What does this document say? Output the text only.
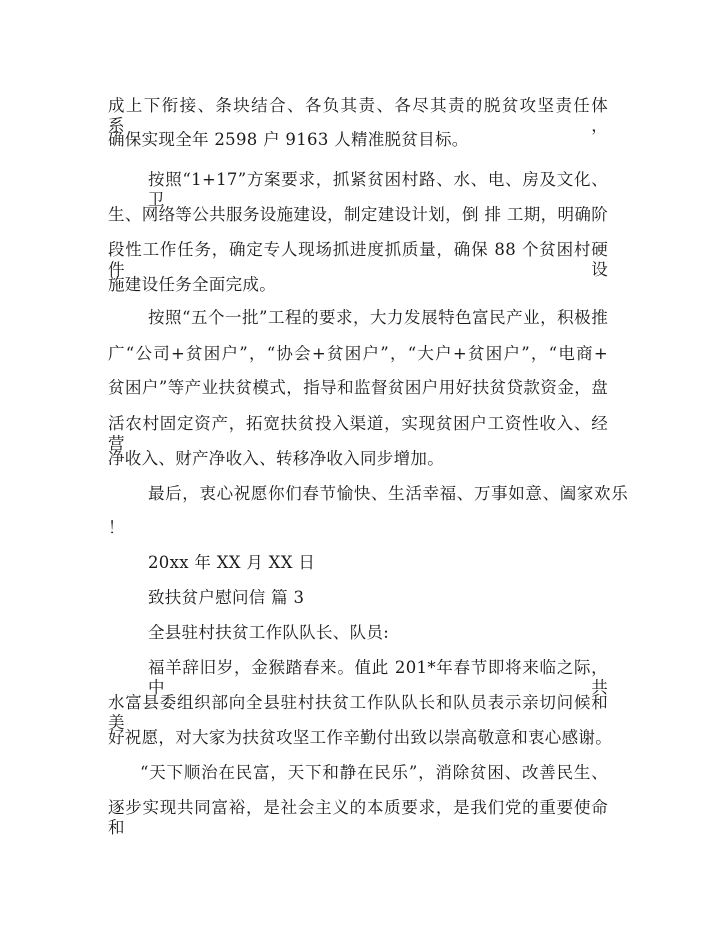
成上下衔接、条块结合、各负其责、各尽其责的脱贫攻坚责任体系，
确保实现全年 2598 户 9163 人精准脱贫目标。
按照“1+17”方案要求，抓紧贫困村路、水、电、房及文化、卫
生、网络等公共服务设施建设，制定建设计划，倒 排 工期，明确阶
段性工作任务，确定专人现场抓进度抓质量，确保 88 个贫困村硬件设
施建设任务全面完成。
按照“五个一批”工程的要求，大力发展特色富民产业，积极推
广“公司+贫困户”，“协会+贫困户”，“大户+贫困户”，“电商+
贫困户”等产业扶贫模式，指导和监督贫困户用好扶贫贷款资金，盘
活农村固定资产，拓宽扶贫投入渠道，实现贫困户工资性收入、经营
净收入、财产净收入、转移净收入同步增加。
最后，衷心祝愿你们春节愉快、生活幸福、万事如意、阖家欢乐
！
20xx 年 XX 月 XX 日
致扶贫户慰问信 篇 3
全县驻村扶贫工作队队长、队员:
福羊辞旧岁，金猴踏春来。值此 201*年春节即将来临之际，中共
水富县委组织部向全县驻村扶贫工作队队长和队员表示亲切问候和美
好祝愿，对大家为扶贫攻坚工作辛勤付出致以崇高敬意和衷心感谢。
“天下顺治在民富，天下和静在民乐”，消除贫困、改善民生、
逐步实现共同富裕，是社会主义的本质要求，是我们党的重要使命和
